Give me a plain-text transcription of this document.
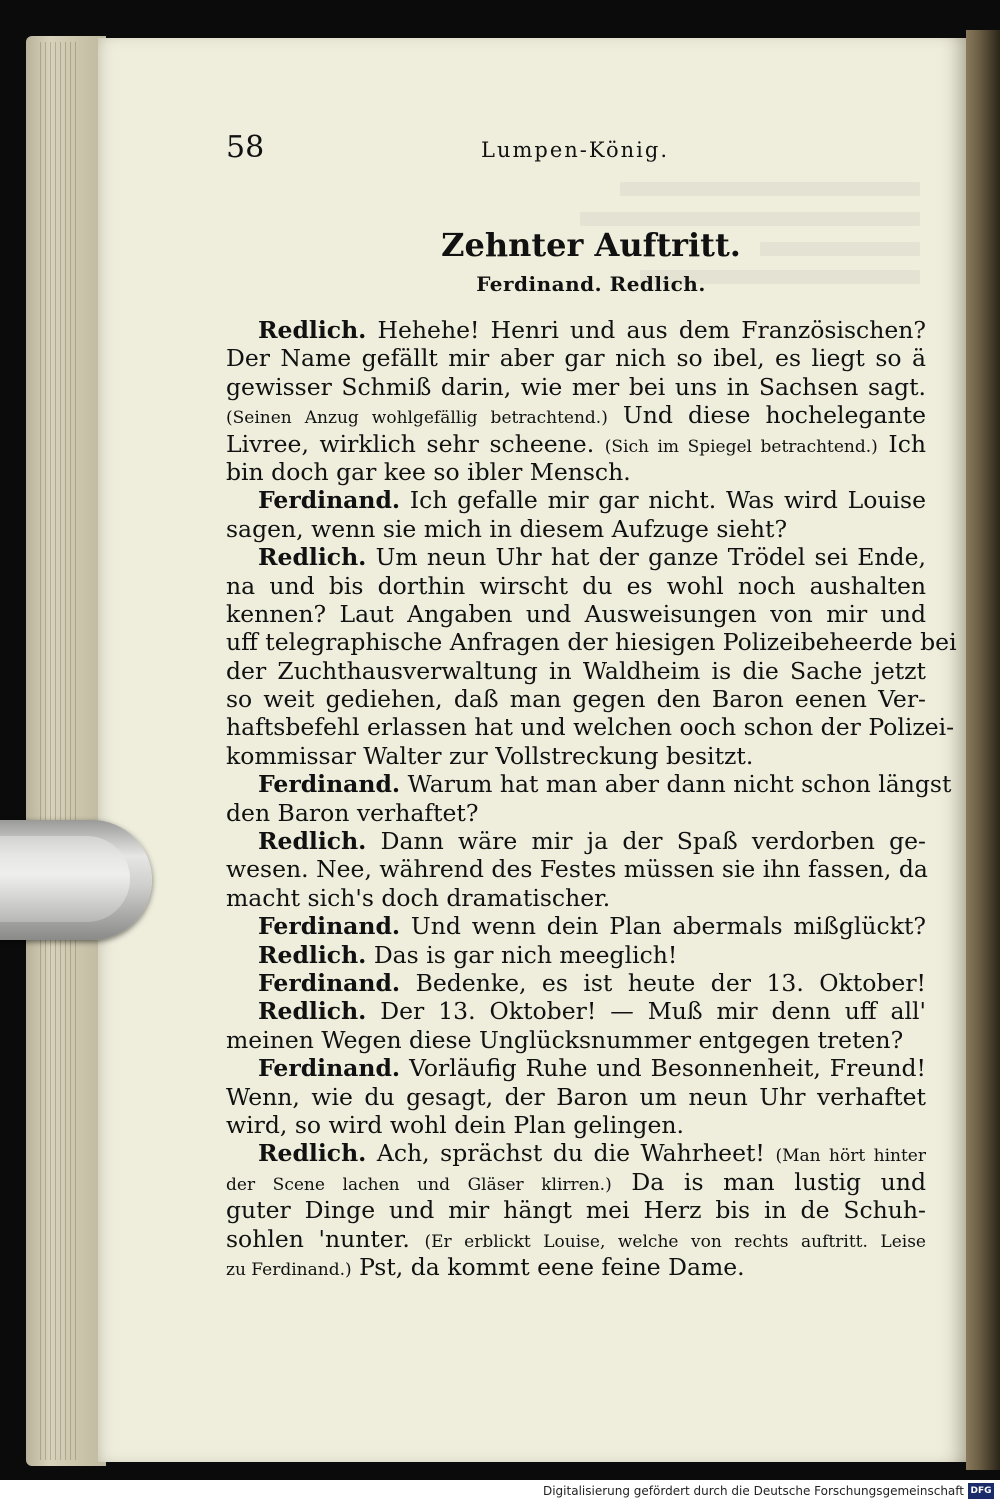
58	Lumpen-König.
Zehnter Auftritt.
Ferdinand. Redlich.
Redlich. Hehehe! Henri und aus dem Französischen?
Der Name gefällt mir aber gar nich so ibel, es liegt so ä
gewisser Schmiß darin, wie mer bei uns in Sachsen sagt.
(Seinen Anzug wohlgefällig betrachtend.) Und diese hochelegante
Livree, wirklich sehr scheene. (Sich im Spiegel betrachtend.) Ich
bin doch gar kee so ibler Mensch.
Ferdinand. Ich gefalle mir gar nicht. Was wird Louise
sagen, wenn sie mich in diesem Aufzuge sieht?
Redlich. Um neun Uhr hat der ganze Trödel sei Ende,
na und bis dorthin wirscht du es wohl noch aushalten
kennen? Laut Angaben und Ausweisungen von mir und
uff telegraphische Anfragen der hiesigen Polizeibeheerde bei
der Zuchthausverwaltung in Waldheim is die Sache jetzt
so weit gediehen, daß man gegen den Baron eenen Ver-
haftsbefehl erlassen hat und welchen ooch schon der Polizei-
kommissar Walter zur Vollstreckung besitzt.
Ferdinand. Warum hat man aber dann nicht schon längst
den Baron verhaftet?
Redlich. Dann wäre mir ja der Spaß verdorben ge-
wesen. Nee, während des Festes müssen sie ihn fassen, da
macht sich's doch dramatischer.
Ferdinand. Und wenn dein Plan abermals mißglückt?
Redlich. Das is gar nich meeglich!
Ferdinand. Bedenke, es ist heute der 13. Oktober!
Redlich. Der 13. Oktober! — Muß mir denn uff all'
meinen Wegen diese Unglücksnummer entgegen treten?
Ferdinand. Vorläufig Ruhe und Besonnenheit, Freund!
Wenn, wie du gesagt, der Baron um neun Uhr verhaftet
wird, so wird wohl dein Plan gelingen.
Redlich. Ach, sprächst du die Wahrheet! (Man hört hinter
der Scene lachen und Gläser klirren.) Da is man lustig und
guter Dinge und mir hängt mei Herz bis in de Schuh-
sohlen 'nunter. (Er erblickt Louise, welche von rechts auftritt. Leise
zu Ferdinand.) Pst, da kommt eene feine Dame.
Digitalisierung gefördert durch die Deutsche Forschungsgemeinschaft DFG
